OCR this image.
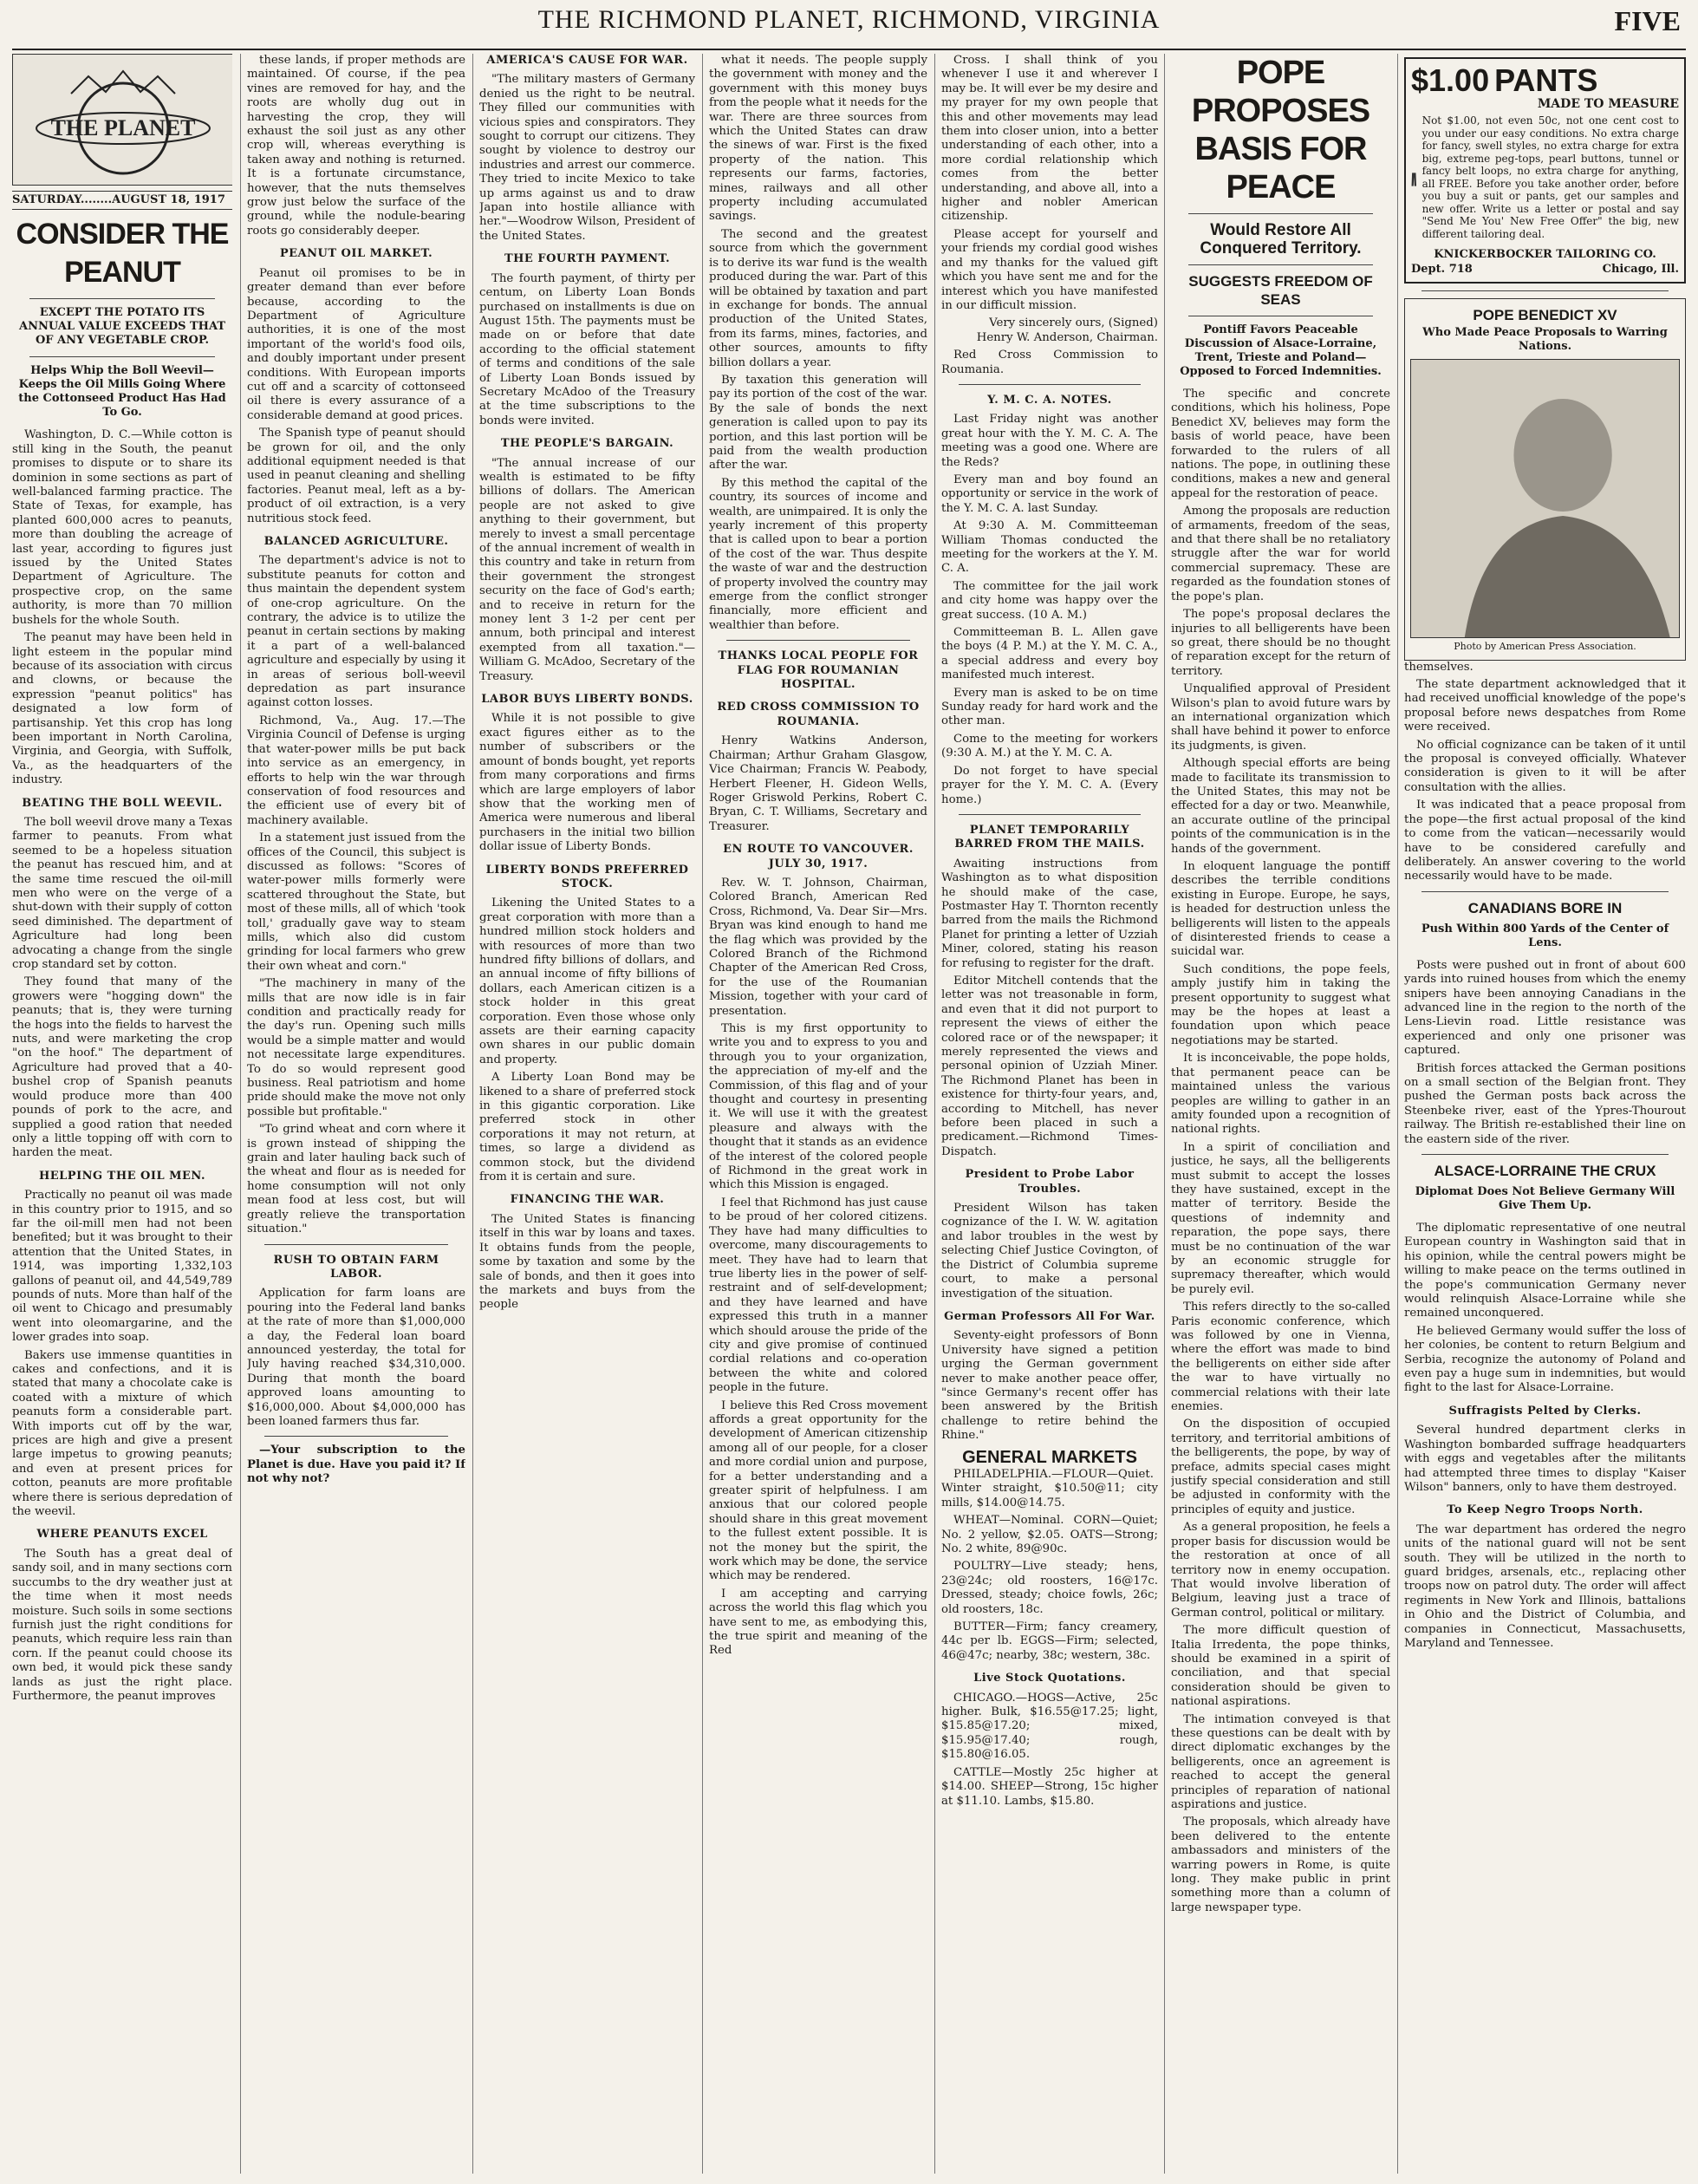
THE RICHMOND PLANET, RICHMOND, VIRGINIA	FIVE
THE PLANET
SATURDAY........AUGUST 18, 1917
CONSIDER THE PEANUT
EXCEPT THE POTATO ITS ANNUAL VALUE EXCEEDS THAT OF ANY VEGETABLE CROP.
Helps Whip the Boll Weevil—Keeps the Oil Mills Going Where the Cottonseed Product Has Had To Go.

Washington, D. C.—While cotton is still king in the South, the peanut promises to dispute or to share its dominion in some sections as part of well-balanced farming practice. The State of Texas, for example, has planted 600,000 acres to peanuts, more than doubling the acreage of last year, according to figures just issued by the United States Department of Agriculture. The prospective crop, on the same authority, is more than 70 million bushels for the whole South.

The peanut may have been held in light esteem in the popular mind because of its association with circus and clowns, or because the expression "peanut politics" has designated a low form of partisanship. Yet this crop has long been important in North Carolina, Virginia, and Georgia, with Suffolk, Va., as the headquarters of the industry.

BEATING THE BOLL WEEVIL.

The boll weevil drove many a Texas farmer to peanuts. From what seemed to be a hopeless situation the peanut has rescued him, and at the same time rescued the oil-mill men who were on the verge of a shut-down with their supply of cotton seed diminished. The department of Agriculture had long been advocating a change from the single crop standard set by cotton.

They found that many of the growers were "hogging down" the peanuts; that is, they were turning the hogs into the fields to harvest the nuts, and were marketing the crop "on the hoof." The department of Agriculture had proved that a 40-bushel crop of Spanish peanuts would produce more than 400 pounds of pork to the acre, and supplied a good ration that needed only a little topping off with corn to harden the meat.

HELPING THE OIL MEN.

Practically no peanut oil was made in this country prior to 1915, and so far the oil-mill men had not been benefited; but it was brought to their attention that the United States, in 1914, was importing 1,332,103 gallons of peanut oil, and 44,549,789 pounds of nuts. More than half of the oil went to Chicago and presumably went into oleomargarine, and the lower grades into soap.

Bakers use immense quantities in cakes and confections, and it is stated that many a chocolate cake is coated with a mixture of which peanuts form a considerable part. With imports cut off by the war, prices are high and give a present large impetus to growing peanuts; and even at present prices for cotton, peanuts are more profitable where there is serious depredation of the weevil.

WHERE PEANUTS EXCEL

The South has a great deal of sandy soil, and in many sections corn succumbs to the dry weather just at the time when it most needs moisture. Such soils in some sections furnish just the right conditions for peanuts, which require less rain than corn. If the peanut could choose its own bed, it would pick these sandy lands as just the right place. Furthermore, the peanut improves

these lands, if proper methods are maintained. Of course, if the pea vines are removed for hay, and the roots are wholly dug out in harvesting the crop, they will exhaust the soil just as any other crop will, whereas everything is taken away and nothing is returned. It is a fortunate circumstance, however, that the nuts themselves grow just below the surface of the ground, while the nodule-bearing roots go considerably deeper.

PEANUT OIL MARKET.

Peanut oil promises to be in greater demand than ever before because, according to the Department of Agriculture authorities, it is one of the most important of the world's food oils, and doubly important under present conditions. With European imports cut off and a scarcity of cottonseed oil there is every assurance of a considerable demand at good prices.

The Spanish type of peanut should be grown for oil, and the only additional equipment needed is that used in peanut cleaning and shelling factories. Peanut meal, left as a by-product of oil extraction, is a very nutritious stock feed.

BALANCED AGRICULTURE.

The department's advice is not to substitute peanuts for cotton and thus maintain the dependent system of one-crop agriculture. On the contrary, the advice is to utilize the peanut in certain sections by making it a part of a well-balanced agriculture and especially by using it in areas of serious boll-weevil depredation as part insurance against cotton losses.

Richmond, Va., Aug. 17.—The Virginia Council of Defense is urging that water-power mills be put back into service as an emergency, in efforts to help win the war through conservation of food resources and the efficient use of every bit of machinery available.

In a statement just issued from the offices of the Council, this subject is discussed as follows: "Scores of water-power mills formerly were scattered throughout the State, but most of these mills, all of which 'took toll,' gradually gave way to steam mills, which also did custom grinding for local farmers who grew their own wheat and corn."

"The machinery in many of the mills that are now idle is in fair condition and practically ready for the day's run. Opening such mills would be a simple matter and would not necessitate large expenditures. To do so would represent good business. Real patriotism and home pride should make the move not only possible but profitable."

"To grind wheat and corn where it is grown instead of shipping the grain and later hauling back such of the wheat and flour as is needed for home consumption will not only mean food at less cost, but will greatly relieve the transportation situation."

RUSH TO OBTAIN FARM LABOR.

Application for farm loans are pouring into the Federal land banks at the rate of more than $1,000,000 a day, the Federal loan board announced yesterday, the total for July having reached $34,310,000. During that month the board approved loans amounting to $16,000,000. About $4,000,000 has been loaned farmers thus far.

—Your subscription to the Planet is due. Have you paid it? If not why not?

AMERICA'S CAUSE FOR WAR.

"The military masters of Germany denied us the right to be neutral. They filled our communities with vicious spies and conspirators. They sought to corrupt our citizens. They sought by violence to destroy our industries and arrest our commerce. They tried to incite Mexico to take up arms against us and to draw Japan into hostile alliance with her."—Woodrow Wilson, President of the United States.

THE FOURTH PAYMENT.

The fourth payment, of thirty per centum, on Liberty Loan Bonds purchased on installments is due on August 15th. The payments must be made on or before that date according to the official statement of terms and conditions of the sale of Liberty Loan Bonds issued by Secretary McAdoo of the Treasury at the time subscriptions to the bonds were invited.

THE PEOPLE'S BARGAIN.

"The annual increase of our wealth is estimated to be fifty billions of dollars. The American people are not asked to give anything to their government, but merely to invest a small percentage of the annual increment of wealth in this country and take in return from their government the strongest security on the face of God's earth; and to receive in return for the money lent 3 1-2 per cent per annum, both principal and interest exempted from all taxation."—William G. McAdoo, Secretary of the Treasury.

LABOR BUYS LIBERTY BONDS.

While it is not possible to give exact figures either as to the number of subscribers or the amount of bonds bought, yet reports from many corporations and firms which are large employers of labor show that the working men of America were numerous and liberal purchasers in the initial two billion dollar issue of Liberty Bonds.

LIBERTY BONDS PREFERRED STOCK.

Likening the United States to a great corporation with more than a hundred million stock holders and with resources of more than two hundred fifty billions of dollars, and an annual income of fifty billions of dollars, each American citizen is a stock holder in this great corporation. Even those whose only assets are their earning capacity own shares in our public domain and property.

A Liberty Loan Bond may be likened to a share of preferred stock in this gigantic corporation. Like preferred stock in other corporations it may not return, at times, so large a dividend as common stock, but the dividend from it is certain and sure.

FINANCING THE WAR.

The United States is financing itself in this war by loans and taxes. It obtains funds from the people, some by taxation and some by the sale of bonds, and then it goes into the markets and buys from the people

what it needs. The people supply the government with money and the government with this money buys from the people what it needs for the war. There are three sources from which the United States can draw the sinews of war. First is the fixed property of the nation. This represents our farms, factories, mines, railways and all other property including accumulated savings.

The second and the greatest source from which the government is to derive its war fund is the wealth produced during the war. Part of this will be obtained by taxation and part in exchange for bonds. The annual production of the United States, from its farms, mines, factories, and other sources, amounts to fifty billion dollars a year.

By taxation this generation will pay its portion of the cost of the war. By the sale of bonds the next generation is called upon to pay its portion, and this last portion will be paid from the wealth production after the war.

By this method the capital of the country, its sources of income and wealth, are unimpaired. It is only the yearly increment of this property that is called upon to bear a portion of the cost of the war. Thus despite the waste of war and the destruction of property involved the country may emerge from the conflict stronger financially, more efficient and wealthier than before.

THANKS LOCAL PEOPLE FOR FLAG FOR ROUMANIAN HOSPITAL.
RED CROSS COMMISSION TO ROUMANIA.

Henry Watkins Anderson, Chairman; Arthur Graham Glasgow, Vice Chairman; Francis W. Peabody, Herbert Fleener, H. Gideon Wells, Roger Griswold Perkins, Robert C. Bryan, C. T. Williams, Secretary and Treasurer.

EN ROUTE TO VANCOUVER. JULY 30, 1917.

Rev. W. T. Johnson, Chairman, Colored Branch, American Red Cross, Richmond, Va. Dear Sir—Mrs. Bryan was kind enough to hand me the flag which was provided by the Colored Branch of the Richmond Chapter of the American Red Cross, for the use of the Roumanian Mission, together with your card of presentation.

This is my first opportunity to write you and to express to you and through you to your organization, the appreciation of my-elf and the Commission, of this flag and of your thought and courtesy in presenting it. We will use it with the greatest pleasure and always with the thought that it stands as an evidence of the interest of the colored people of Richmond in the great work in which this Mission is engaged.

I feel that Richmond has just cause to be proud of her colored citizens. They have had many difficulties to overcome, many discouragements to meet. They have had to learn that true liberty lies in the power of self-restraint and of self-development; and they have learned and have expressed this truth in a manner which should arouse the pride of the city and give promise of continued cordial relations and co-operation between the white and colored people in the future.

I believe this Red Cross movement affords a great opportunity for the development of American citizenship among all of our people, for a closer and more cordial union and purpose, for a better understanding and a greater spirit of helpfulness. I am anxious that our colored people should share in this great movement to the fullest extent possible. It is not the money but the spirit, the work which may be done, the service which may be rendered.

I am accepting and carrying across the world this flag which you have sent to me, as embodying this, the true spirit and meaning of the Red

Cross. I shall think of you whenever I use it and wherever I may be. It will ever be my desire and my prayer for my own people that this and other movements may lead them into closer union, into a better understanding of each other, into a more cordial relationship which comes from the better understanding, and above all, into a higher and nobler American citizenship.

Please accept for yourself and your friends my cordial good wishes and my thanks for the valued gift which you have sent me and for the interest which you have manifested in our difficult mission.

Very sincerely ours, (Signed) Henry W. Anderson, Chairman.

Red Cross Commission to Roumania.

Y. M. C. A. NOTES.

Last Friday night was another great hour with the Y. M. C. A. The meeting was a good one. Where are the Reds?

Every man and boy found an opportunity or service in the work of the Y. M. C. A. last Sunday.

At 9:30 A. M. Committeeman William Thomas conducted the meeting for the workers at the Y. M. C. A.

The committee for the jail work and city home was happy over the great success. (10 A. M.)

Committeeman B. L. Allen gave the boys (4 P. M.) at the Y. M. C. A., a special address and every boy manifested much interest.

Every man is asked to be on time Sunday ready for hard work and the other man.

Come to the meeting for workers (9:30 A. M.) at the Y. M. C. A.

Do not forget to have special prayer for the Y. M. C. A. (Every home.)

PLANET TEMPORARILY BARRED FROM THE MAILS.

Awaiting instructions from Washington as to what disposition he should make of the case, Postmaster Hay T. Thornton recently barred from the mails the Richmond Planet for printing a letter of Uzziah Miner, colored, stating his reason for refusing to register for the draft.

Editor Mitchell contends that the letter was not treasonable in form, and even that it did not purport to represent the views of either the colored race or of the newspaper; it merely represented the views and personal opinion of Uzziah Miner. The Richmond Planet has been in existence for thirty-four years, and, according to Mitchell, has never before been placed in such a predicament.—Richmond Times-Dispatch.

President to Probe Labor Troubles.

President Wilson has taken cognizance of the I. W. W. agitation and labor troubles in the west by selecting Chief Justice Covington, of the District of Columbia supreme court, to make a personal investigation of the situation.

German Professors All For War.

Seventy-eight professors of Bonn University have signed a petition urging the German government never to make another peace offer, "since Germany's recent offer has been answered by the British challenge to retire behind the Rhine."

GENERAL MARKETS

PHILADELPHIA.—FLOUR—Quiet. Winter straight, $10.50@11; city mills, $14.00@14.75.

WHEAT—Nominal. CORN—Quiet; No. 2 yellow, $2.05. OATS—Strong; No. 2 white, 89@90c.

POULTRY—Live steady; hens, 23@24c; old roosters, 16@17c. Dressed, steady; choice fowls, 26c; old roosters, 18c.

BUTTER—Firm; fancy creamery, 44c per lb. EGGS—Firm; selected, 46@47c; nearby, 38c; western, 38c.

Live Stock Quotations.

CHICAGO.—HOGS—Active, 25c higher. Bulk, $16.55@17.25; light, $15.85@17.20; mixed, $15.95@17.40; rough, $15.80@16.05.

CATTLE—Mostly 25c higher at $14.00. SHEEP—Strong, 15c higher at $11.10. Lambs, $15.80.

POPE PROPOSES BASIS FOR PEACE
Would Restore All Conquered Territory.
SUGGESTS FREEDOM OF SEAS
Pontiff Favors Peaceable Discussion of Alsace-Lorraine, Trent, Trieste and Poland—Opposed to Forced Indemnities.

The specific and concrete conditions, which his holiness, Pope Benedict XV, believes may form the basis of world peace, have been forwarded to the rulers of all nations. The pope, in outlining these conditions, makes a new and general appeal for the restoration of peace.

Among the proposals are reduction of armaments, freedom of the seas, and that there shall be no retaliatory struggle after the war for world commercial supremacy. These are regarded as the foundation stones of the pope's plan.

The pope's proposal declares the injuries to all belligerents have been so great, there should be no thought of reparation except for the return of territory.

Unqualified approval of President Wilson's plan to avoid future wars by an international organization which shall have behind it power to enforce its judgments, is given.

Although special efforts are being made to facilitate its transmission to the United States, this may not be effected for a day or two. Meanwhile, an accurate outline of the principal points of the communication is in the hands of the government.

In eloquent language the pontiff describes the terrible conditions existing in Europe. Europe, he says, is headed for destruction unless the belligerents will listen to the appeals of disinterested friends to cease a suicidal war.

Such conditions, the pope feels, amply justify him in taking the present opportunity to suggest what may be the hopes at least a foundation upon which peace negotiations may be started.

It is inconceivable, the pope holds, that permanent peace can be maintained unless the various peoples are willing to gather in an amity founded upon a recognition of national rights.

In a spirit of conciliation and justice, he says, all the belligerents must submit to accept the losses they have sustained, except in the matter of territory. Beside the questions of indemnity and reparation, the pope says, there must be no continuation of the war by an economic struggle for supremacy thereafter, which would be purely evil.

This refers directly to the so-called Paris economic conference, which was followed by one in Vienna, where the effort was made to bind the belligerents on either side after the war to have virtually no commercial relations with their late enemies.

On the disposition of occupied territory, and territorial ambitions of the belligerents, the pope, by way of preface, admits special cases might justify special consideration and still be adjusted in conformity with the principles of equity and justice.

As a general proposition, he feels a proper basis for discussion would be the restoration at once of all territory now in enemy occupation. That would involve liberation of Belgium, leaving just a trace of German control, political or military.

The more difficult question of Italia Irredenta, the pope thinks, should be examined in a spirit of conciliation, and that special consideration should be given to national aspirations.

The intimation conveyed is that these questions can be dealt with by direct diplomatic exchanges by the belligerents, once an agreement is reached to accept the general principles of reparation of national aspirations and justice.

The proposals, which already have been delivered to the entente ambassadors and ministers of the warring powers in Rome, is quite long. They make public in print something more than a column of large newspaper type.

$1.00 PANTS
MADE TO MEASURE

Not $1.00, not even 50c, not one cent cost to you under our easy conditions. No extra charge for fancy, swell styles, no extra charge for extra big, extreme peg-tops, pearl buttons, tunnel or fancy belt loops, no extra charge for anything, all FREE. Before you take another order, before you buy a suit or pants, get our samples and new offer. Write us a letter or postal and say "Send Me You' New Free Offer" the big, new different tailoring deal.

KNICKERBOCKER TAILORING CO.
Dept. 718	Chicago, Ill.
POPE BENEDICT XV
Who Made Peace Proposals to Warring Nations.
Photo by American Press Association.

themselves.

The state department acknowledged that it had received unofficial knowledge of the pope's proposal before news despatches from Rome were received.

No official cognizance can be taken of it until the proposal is conveyed officially. Whatever consideration is given to it will be after consultation with the allies.

It was indicated that a peace proposal from the pope—the first actual proposal of the kind to come from the vatican—necessarily would have to be considered carefully and deliberately. An answer covering to the world necessarily would have to be made.

CANADIANS BORE IN
Push Within 800 Yards of the Center of Lens.

Posts were pushed out in front of about 600 yards into ruined houses from which the enemy snipers have been annoying Canadians in the advanced line in the region to the north of the Lens-Lievin road. Little resistance was experienced and only one prisoner was captured.

British forces attacked the German positions on a small section of the Belgian front. They pushed the German posts back across the Steenbeke river, east of the Ypres-Thourout railway. The British re-established their line on the eastern side of the river.

ALSACE-LORRAINE THE CRUX
Diplomat Does Not Believe Germany Will Give Them Up.

The diplomatic representative of one neutral European country in Washington said that in his opinion, while the central powers might be willing to make peace on the terms outlined in the pope's communication Germany never would relinquish Alsace-Lorraine while she remained unconquered.

He believed Germany would suffer the loss of her colonies, be content to return Belgium and Serbia, recognize the autonomy of Poland and even pay a huge sum in indemnities, but would fight to the last for Alsace-Lorraine.

Suffragists Pelted by Clerks.

Several hundred department clerks in Washington bombarded suffrage headquarters with eggs and vegetables after the militants had attempted three times to display "Kaiser Wilson" banners, only to have them destroyed.

To Keep Negro Troops North.

The war department has ordered the negro units of the national guard will not be sent south. They will be utilized in the north to guard bridges, arsenals, etc., replacing other troops now on patrol duty. The order will affect regiments in New York and Illinois, battalions in Ohio and the District of Columbia, and companies in Connecticut, Massachusetts, Maryland and Tennessee.
